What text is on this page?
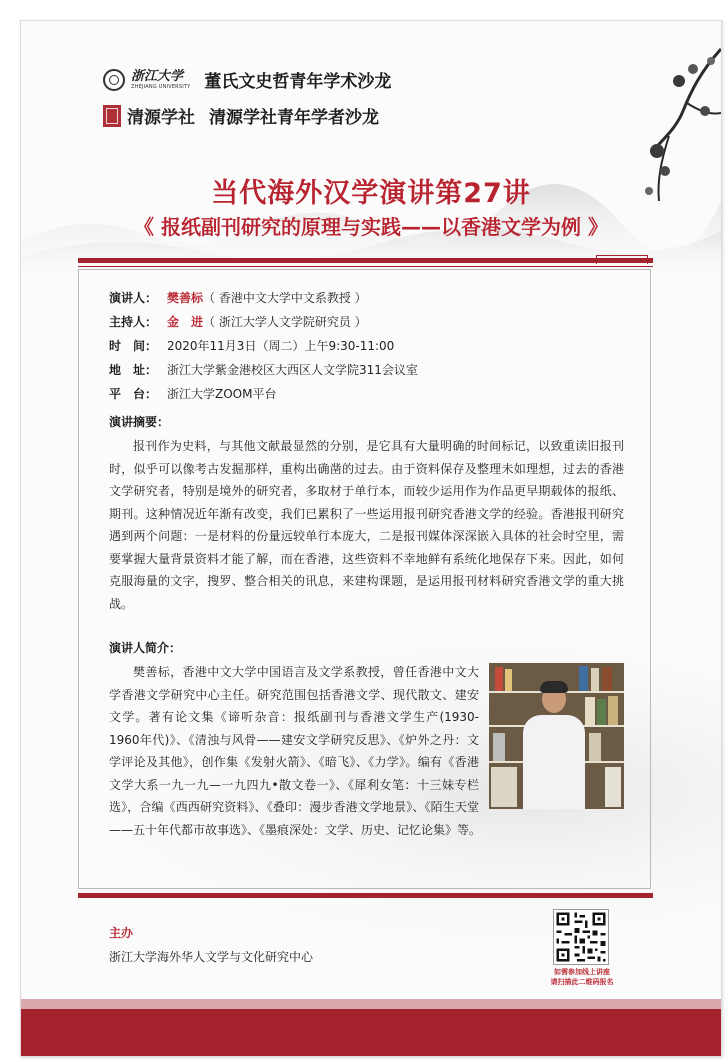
浙江大学
ZHEJIANG UNIVERSITY 董氏文史哲青年学术沙龙
清源学社 清源学社青年学者沙龙
当代海外汉学演讲第27讲
《 报纸副刊研究的原理与实践——以香港文学为例 》
演讲人： 樊善标 （ 香港中文大学中文系教授 ）
主持人： 金　进 （ 浙江大学人文学院研究员 ）
时　间： 2020年11月3日（周二）上午9:30-11:00
地　址： 浙江大学紫金港校区大西区人文学院311会议室
平　台： 浙江大学ZOOM平台
演讲摘要：

报刊作为史料，与其他文献最显然的分别，是它具有大量明确的时间标记，以致重读旧报刊时，似乎可以像考古发掘那样，重构出确凿的过去。由于资料保存及整理未如理想，过去的香港文学研究者，特别是境外的研究者，多取材于单行本，而较少运用作为作品更早期载体的报纸、期刊。这种情况近年渐有改变，我们已累积了一些运用报刊研究香港文学的经验。香港报刊研究遇到两个问题：一是材料的份量远较单行本庞大，二是报刊媒体深深嵌入具体的社会时空里，需要掌握大量背景资料才能了解，而在香港，这些资料不幸地鲜有系统化地保存下来。因此，如何克服海量的文字，搜罗、整合相关的讯息，来建构课题，是运用报刊材料研究香港文学的重大挑战。

演讲人简介：
樊善标，香港中文大学中国语言及文学系教授，曾任香港中文大学香港文学研究中心主任。研究范围包括香港文学、现代散文、建安文学。著有论文集《谛听杂音：报纸副刊与香港文学生产(1930-1960年代)》、《清浊与风骨——建安文学研究反思》、《炉外之丹：文学评论及其他》，创作集《发射火箭》、《暗飞》、《力学》。编有《香港文学大系一九一九—一九四九•散文卷一》、《犀利女笔：十三妹专栏选》，合编《西西研究资料》、《叠印：漫步香港文学地景》、《陌生天堂——五十年代都市故事选》、《墨痕深处：文学、历史、记忆论集》等。
主办
浙江大学海外华人文学与文化研究中心
如需参加线上讲座
请扫描此二维码报名
